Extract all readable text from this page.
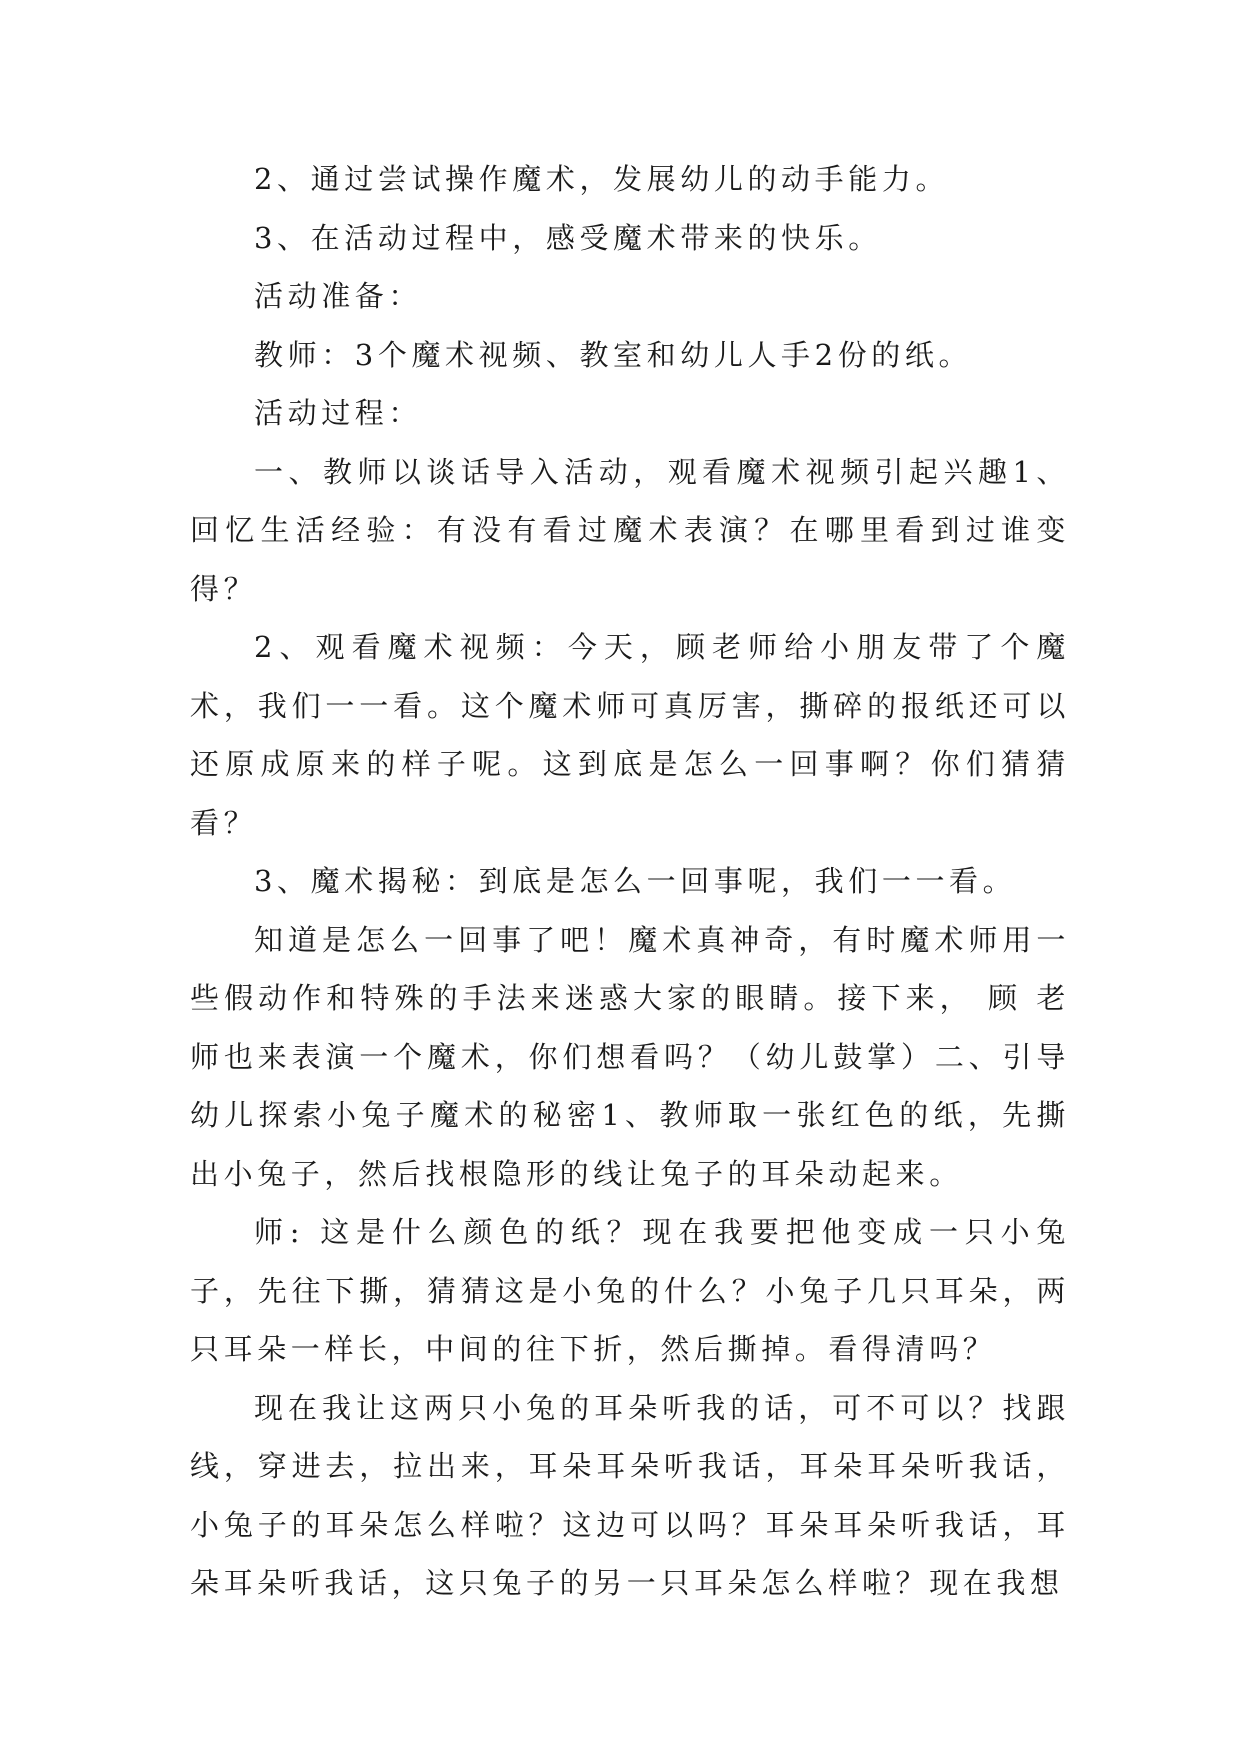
2、通过尝试操作魔术，发展幼儿的动手能力。

3、在活动过程中，感受魔术带来的快乐。

活动准备：

教师：3个魔术视频、教室和幼儿人手2份的纸。

活动过程：

一、教师以谈话导入活动，观看魔术视频引起兴趣1、回忆生活经验：有没有看过魔术表演？在哪里看到过谁变得？

2、观看魔术视频：今天，顾老师给小朋友带了个魔术，我们一一看。这个魔术师可真厉害，撕碎的报纸还可以还原成原来的样子呢。这到底是怎么一回事啊？你们猜猜看？

3、魔术揭秘：到底是怎么一回事呢，我们一一看。

知道是怎么一回事了吧！魔术真神奇，有时魔术师用一些假动作和特殊的手法来迷惑大家的眼睛。接下来， 顾 老师也来表演一个魔术，你们想看吗？（幼儿鼓掌）二、引导幼儿探索小兔子魔术的秘密1、教师取一张红色的纸，先撕出小兔子，然后找根隐形的线让兔子的耳朵动起来。

师: 这是什么颜色的纸？现在我要把他变成一只小兔子，先往下撕，猜猜这是小兔的什么？小兔子几只耳朵，两只耳朵一样长，中间的往下折，然后撕掉。看得清吗？

现在我让这两只小兔的耳朵听我的话，可不可以？找跟线，穿进去，拉出来，耳朵耳朵听我话，耳朵耳朵听我话，小兔子的耳朵怎么样啦？这边可以吗？耳朵耳朵听我话，耳朵耳朵听我话，这只兔子的另一只耳朵怎么样啦？现在我想
